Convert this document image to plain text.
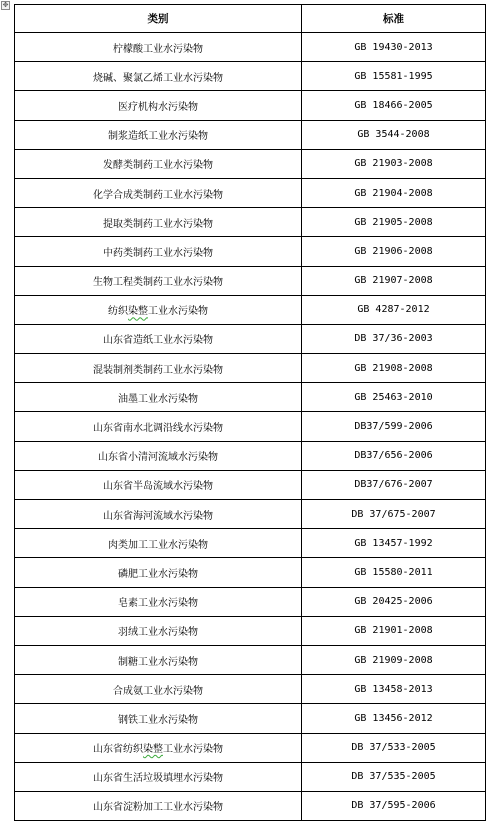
✥
类别	标准
柠檬酸工业水污染物	GB 19430-2013
烧碱、聚氯乙烯工业水污染物	GB 15581-1995
医疗机构水污染物	GB 18466-2005
制浆造纸工业水污染物	GB 3544-2008
发酵类制药工业水污染物	GB 21903-2008
化学合成类制药工业水污染物	GB 21904-2008
提取类制药工业水污染物	GB 21905-2008
中药类制药工业水污染物	GB 21906-2008
生物工程类制药工业水污染物	GB 21907-2008
纺织染整工业水污染物	GB 4287-2012
山东省造纸工业水污染物	DB 37/36-2003
混装制剂类制药工业水污染物	GB 21908-2008
油墨工业水污染物	GB 25463-2010
山东省南水北调沿线水污染物	DB37/599-2006
山东省小清河流域水污染物	DB37/656-2006
山东省半岛流域水污染物	DB37/676-2007
山东省海河流域水污染物	DB 37/675-2007
肉类加工工业水污染物	GB 13457-1992
磷肥工业水污染物	GB 15580-2011
皂素工业水污染物	GB 20425-2006
羽绒工业水污染物	GB 21901-2008
制糖工业水污染物	GB 21909-2008
合成氨工业水污染物	GB 13458-2013
钢铁工业水污染物	GB 13456-2012
山东省纺织染整工业水污染物	DB 37/533-2005
山东省生活垃圾填埋水污染物	DB 37/535-2005
山东省淀粉加工工业水污染物	DB 37/595-2006
